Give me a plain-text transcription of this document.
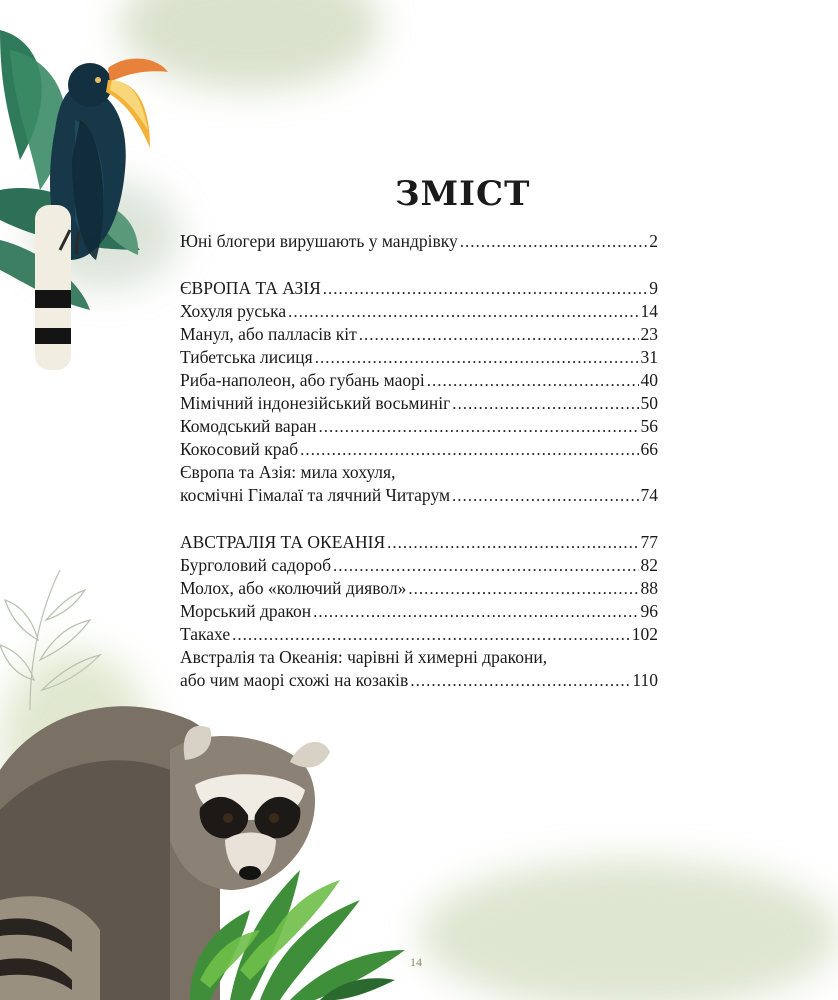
ЗМІСТ
Юні блогери вирушають у мандрівку .....	2
ЄВРОПА ТА АЗІЯ .....	9
Хохуля руська .....	14
Манул, або палласів кіт .....	23
Тибетська лисиця .....	31
Риба-наполеон, або губань маорі .....	40
Мімічний індонезійський восьминіг .....	50
Комодський варан .....	56
Кокосовий краб .....	66
Європа та Азія: мила хохуля,
космічні Гімалаї та лячний Читарум .....	74
АВСТРАЛІЯ ТА ОКЕАНІЯ .....	77
Бурголовий садороб .....	82
Молох, або «колючий диявол» .....	88
Морський дракон .....	96
Такахе .....	102
Австралія та Океанія: чарівні й химерні дракони,
або чим маорі схожі на козаків .....	110
14
